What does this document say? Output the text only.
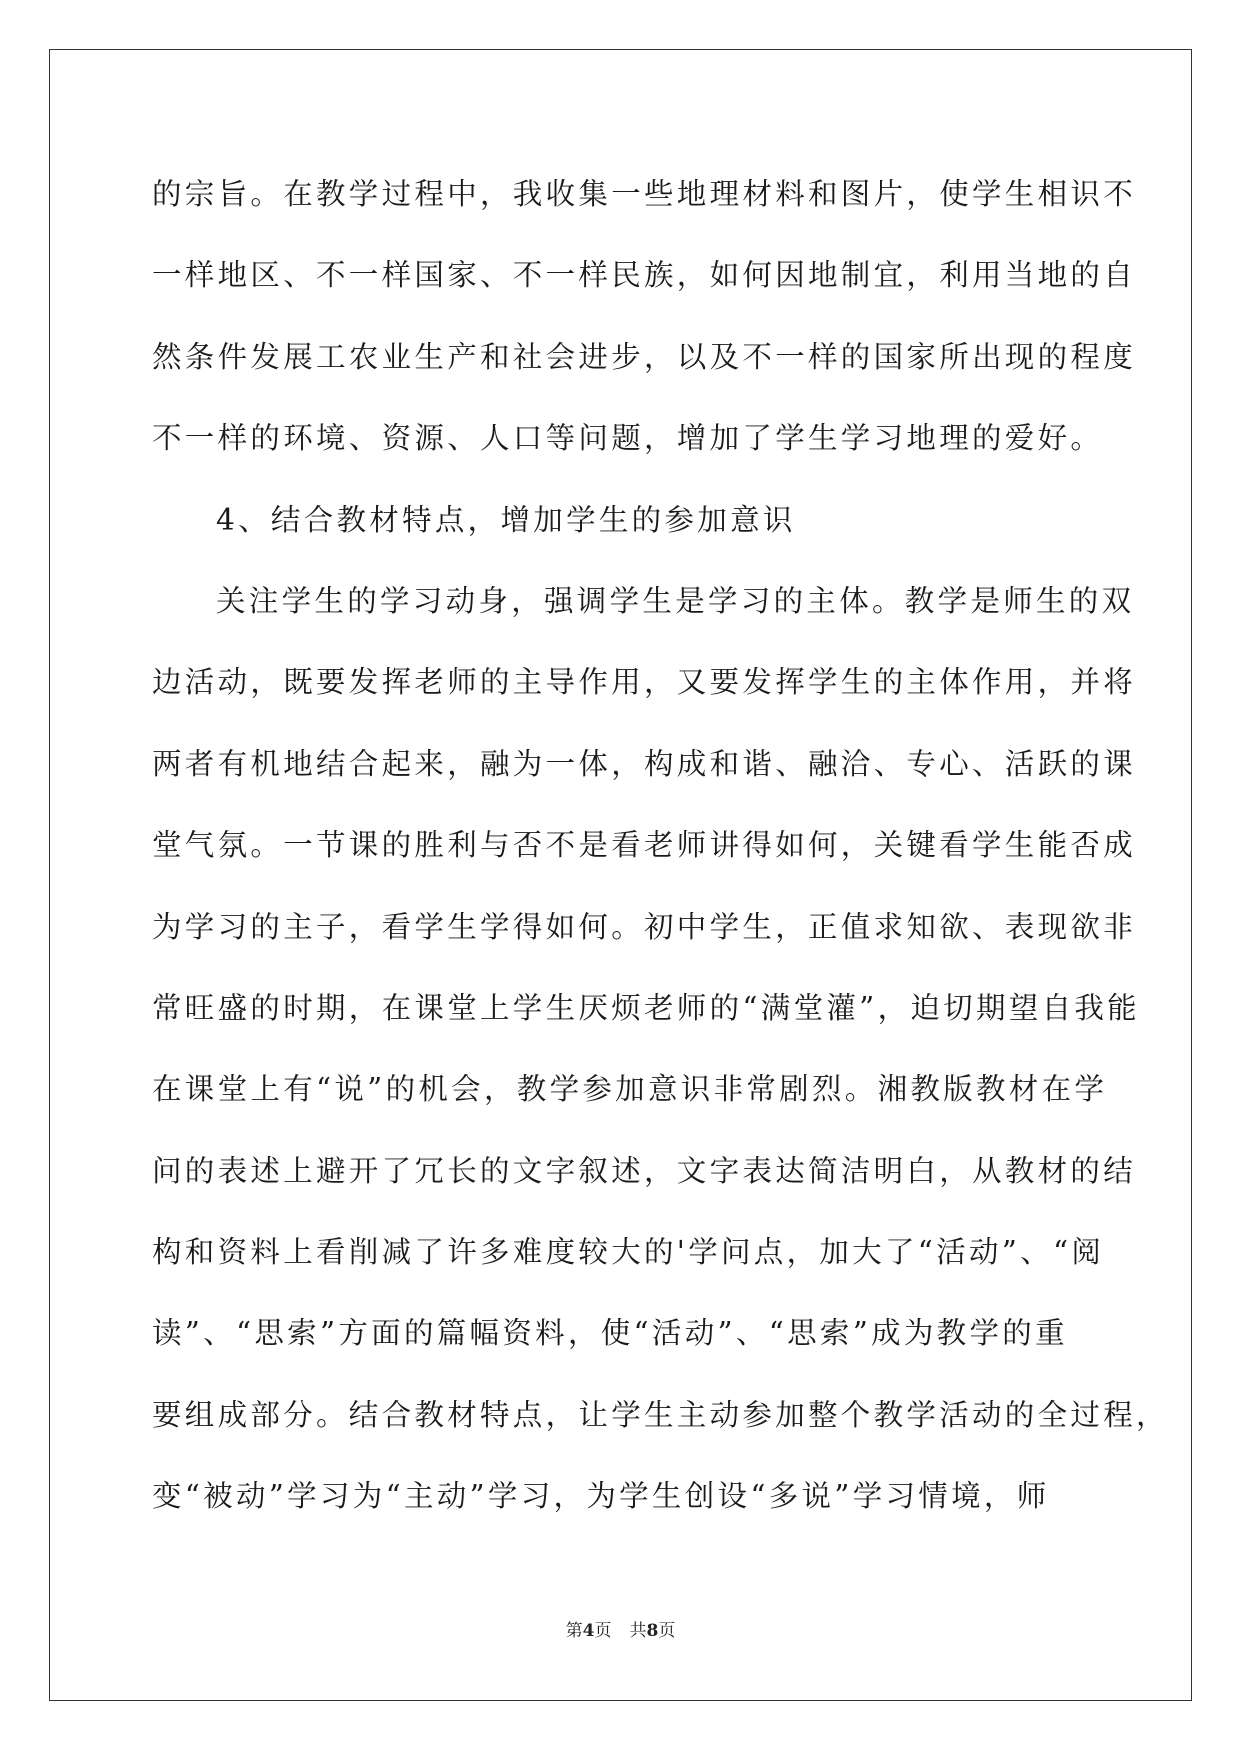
的宗旨。在教学过程中，我收集一些地理材料和图片，使学生相识不
一样地区、不一样国家、不一样民族，如何因地制宜，利用当地的自
然条件发展工农业生产和社会进步，以及不一样的国家所出现的程度
不一样的环境、资源、人口等问题，增加了学生学习地理的爱好。
4、结合教材特点，增加学生的参加意识
关注学生的学习动身，强调学生是学习的主体。教学是师生的双
边活动，既要发挥老师的主导作用，又要发挥学生的主体作用，并将
两者有机地结合起来，融为一体，构成和谐、融洽、专心、活跃的课
堂气氛。一节课的胜利与否不是看老师讲得如何，关键看学生能否成
为学习的主子，看学生学得如何。初中学生，正值求知欲、表现欲非
常旺盛的时期，在课堂上学生厌烦老师的“满堂灌”，迫切期望自我能
在课堂上有“说”的机会，教学参加意识非常剧烈。湘教版教材在学
问的表述上避开了冗长的文字叙述，文字表达简洁明白，从教材的结
构和资料上看削减了许多难度较大的'学问点，加大了“活动”、“阅
读”、“思索”方面的篇幅资料，使“活动”、“思索”成为教学的重
要组成部分。结合教材特点，让学生主动参加整个教学活动的全过程，
变“被动”学习为“主动”学习，为学生创设“多说”学习情境，师
第4页 共8页
